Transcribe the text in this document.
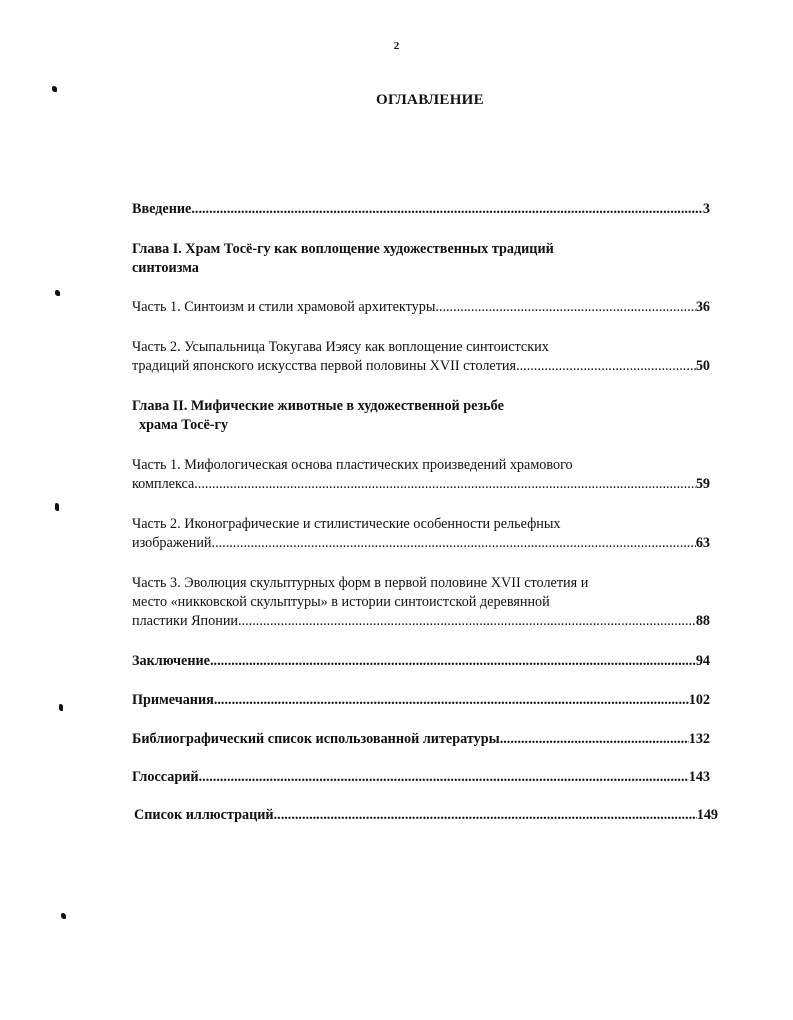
2
ОГЛАВЛЕНИЕ
Введение .....	3
Глава I. Храм Тосё-гу как воплощение художественных традиций
синтоизма
Часть 1. Синтоизм и стили храмовой архитектуры .....	36
Часть 2. Усыпальница Токугава Иэясу как воплощение синтоистских
традиций японского искусства первой половины XVII столетия .....	50
Глава II. Мифические животные в художественной резьбе
храма Тосё-гу
Часть 1. Мифологическая основа пластических произведений храмового
комплекса .....	59
Часть 2. Иконографические и стилистические особенности рельефных
изображений .....	63
Часть 3. Эволюция скульптурных форм в первой половине XVII столетия и
место «никковской скульптуры» в истории синтоистской деревянной
пластики Японии .....	88
Заключение .....	94
Примечания .....	102
Библиографический список использованной литературы .....	132
Глоссарий .....	143
Список иллюстраций .....	149
